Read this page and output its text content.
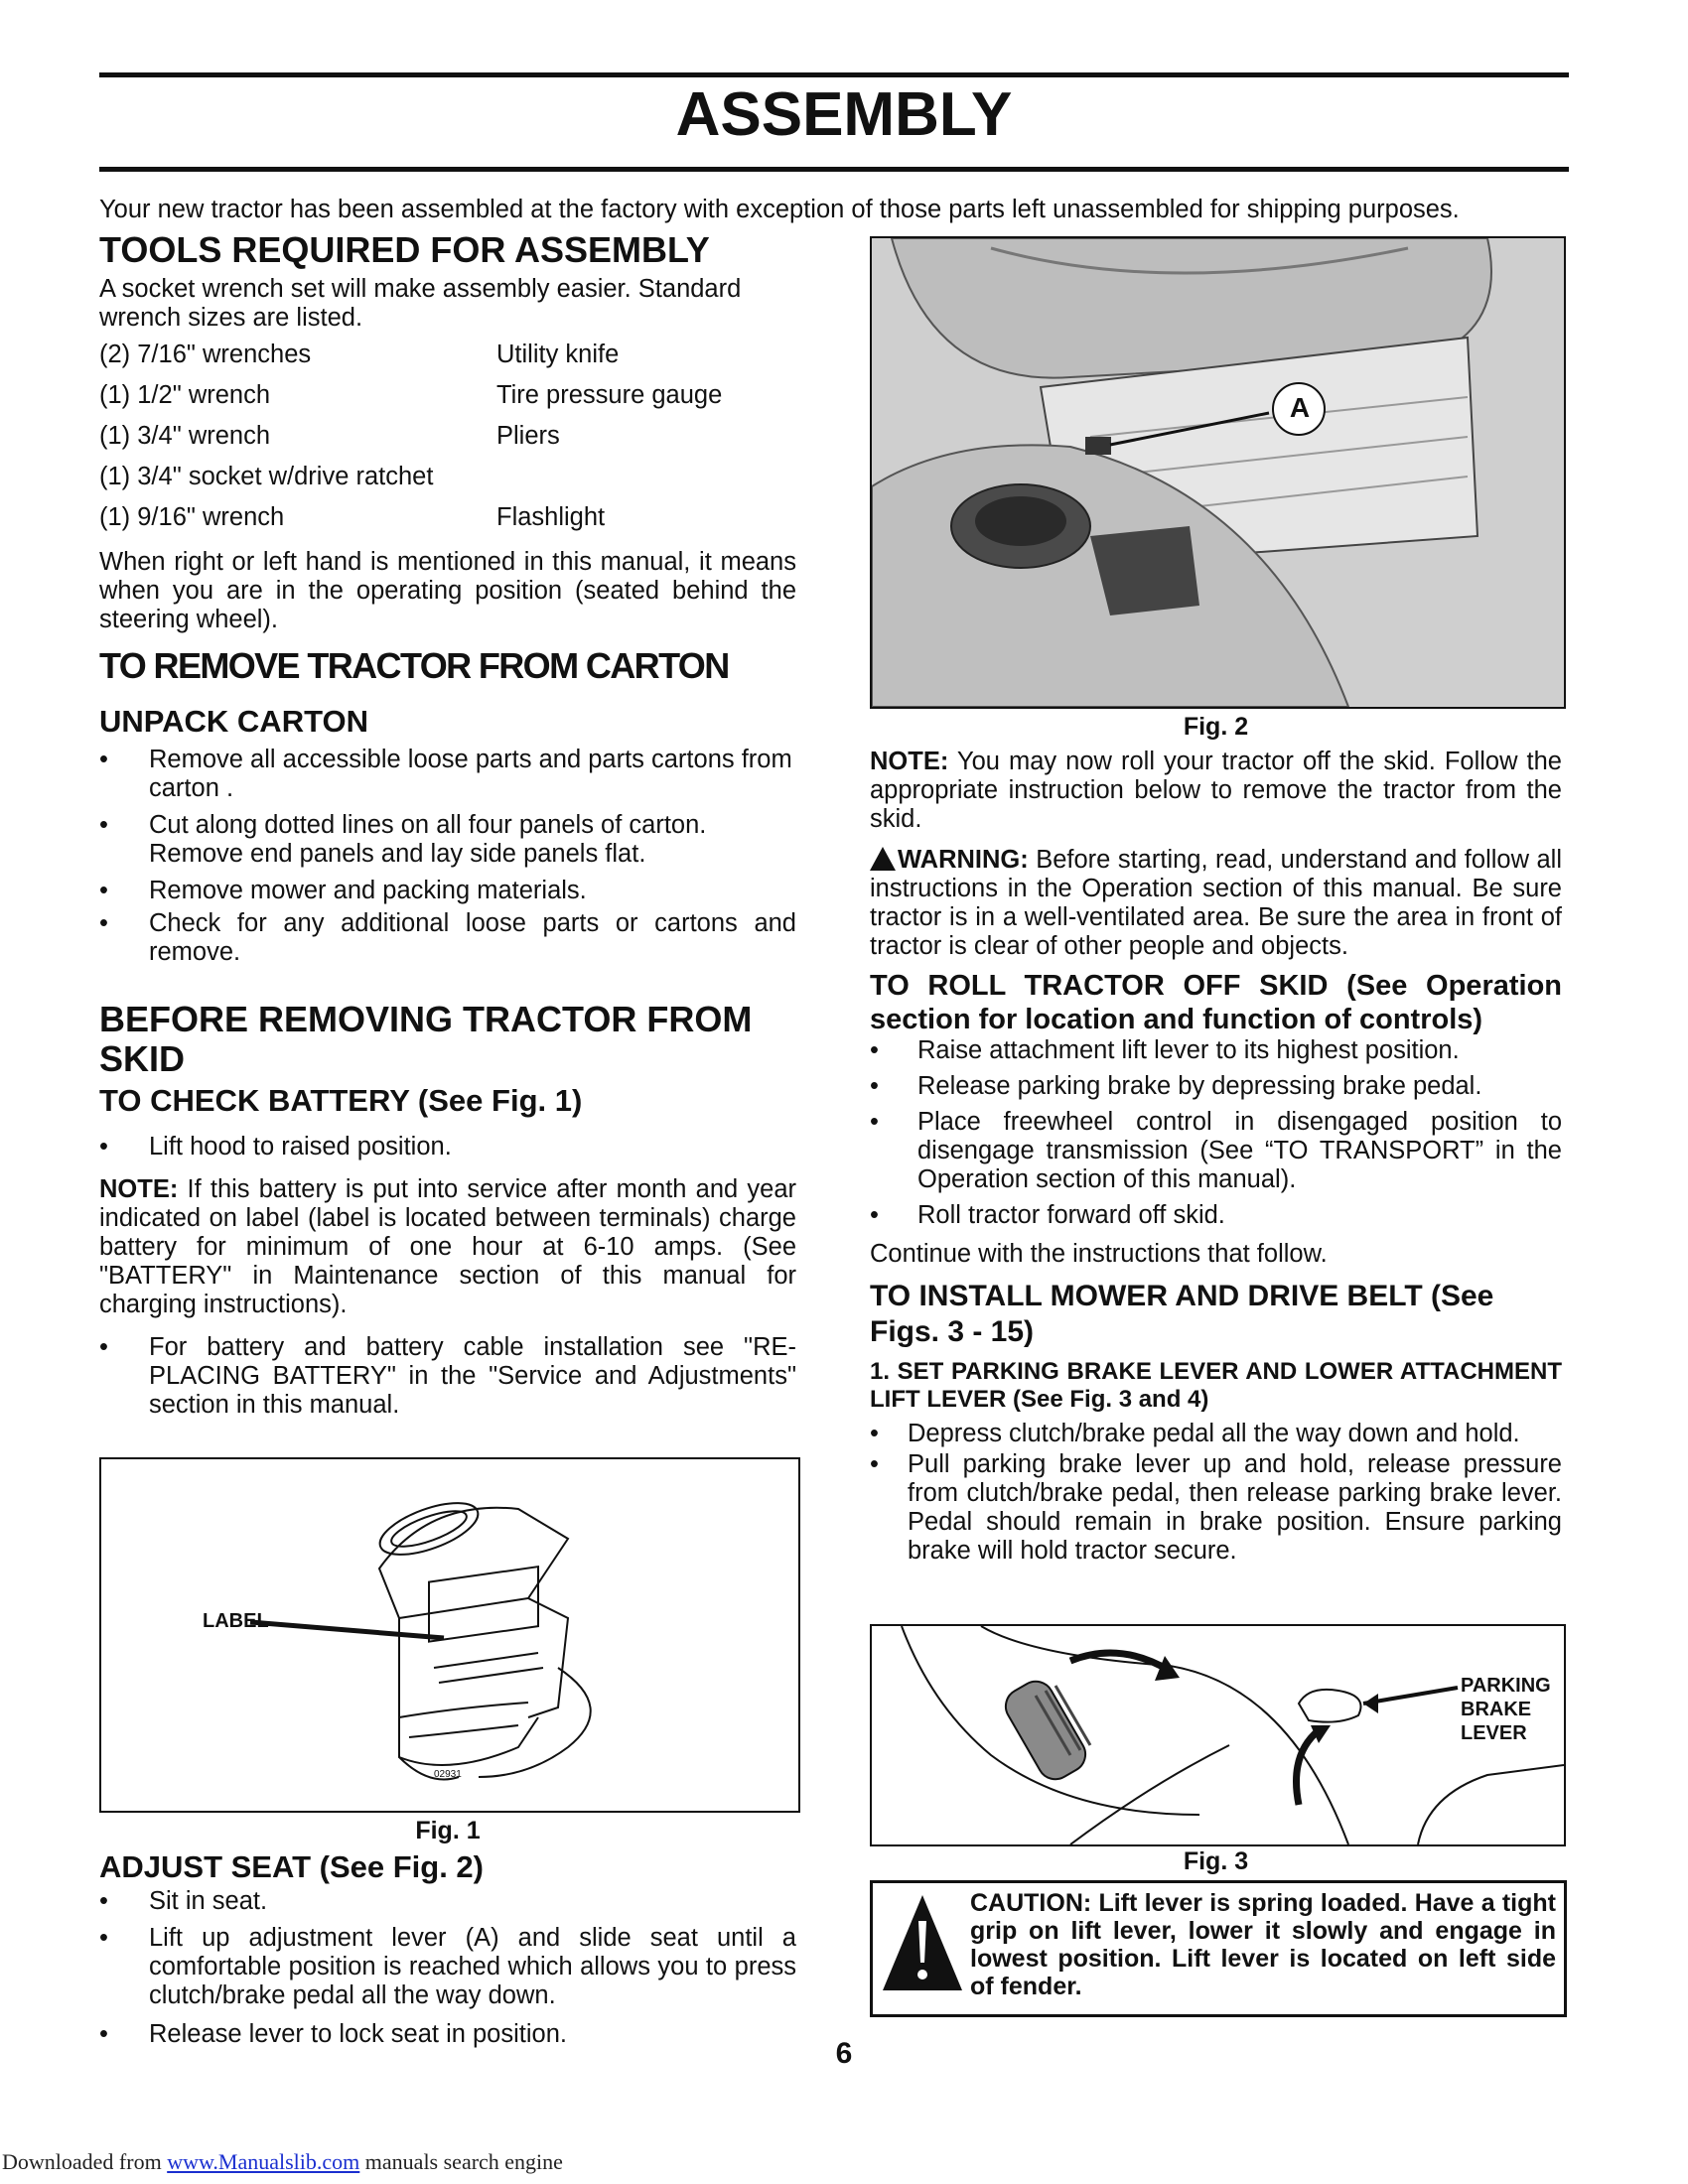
ASSEMBLY
Your new tractor has been assembled at the factory with exception of those parts left unassembled for shipping purposes.

TOOLS REQUIRED FOR ASSEMBLY

A socket wrench set will make assembly easier. Standard wrench sizes are listed.

(2) 7/16" wrenches	Utility knife
(1) 1/2" wrench	Tire pressure gauge
(1) 3/4" wrench	Pliers
(1) 3/4" socket w/drive ratchet
(1) 9/16" wrench	Flashlight

When right or left hand is mentioned in this manual, it means when you are in the operating position (seated behind the steering wheel).

TO REMOVE TRACTOR FROM CARTON

UNPACK CARTON

• Remove all accessible loose parts and parts cartons from carton .

• Cut along dotted lines on all four panels of carton. Remove end panels and lay side panels flat.

• Remove mower and packing materials.

• Check for any additional loose parts or cartons and remove.

BEFORE REMOVING TRACTOR FROM SKID

TO CHECK BATTERY (See Fig. 1)

• Lift hood to raised position.

NOTE: If this battery is put into service after month and year indicated on label (label is located between terminals) charge battery for minimum of one hour at 6-10 amps. (See "BATTERY" in Maintenance section of this manual for charging instructions).

• For battery and battery cable installation see "RE-PLACING BATTERY" in the "Service and Adjustments" section in this manual.

LABEL
02931
Fig. 1

ADJUST SEAT (See Fig. 2)

• Sit in seat.

• Lift up adjustment lever (A) and slide seat until a comfortable position is reached which allows you to press clutch/brake pedal all the way down.

• Release lever to lock seat in position.

A
Fig. 2

NOTE: You may now roll your tractor off the skid. Follow the appropriate instruction below to remove the tractor from the skid.

WARNING: Before starting, read, understand and follow all instructions in the Operation section of this manual. Be sure tractor is in a well-ventilated area. Be sure the area in front of tractor is clear of other people and objects.

TO ROLL TRACTOR OFF SKID (See Operation section for location and function of controls)

• Raise attachment lift lever to its highest position.

• Release parking brake by depressing brake pedal.

• Place freewheel control in disengaged position to disengage transmission (See “TO TRANSPORT” in the Operation section of this manual).

• Roll tractor forward off skid.

Continue with the instructions that follow.

TO INSTALL MOWER AND DRIVE BELT (See Figs. 3 - 15)

1. SET PARKING BRAKE LEVER AND LOWER ATTACHMENT LIFT LEVER (See Fig. 3 and 4)

• Depress clutch/brake pedal all the way down and hold.

• Pull parking brake lever up and hold, release pressure from clutch/brake pedal, then release parking brake lever. Pedal should remain in brake position. Ensure parking brake will hold tractor secure.

PARKING
BRAKE
LEVER
Fig. 3
CAUTION: Lift lever is spring loaded. Have a tight grip on lift lever, lower it slowly and engage in lowest position. Lift lever is located on left side of fender.
6
Downloaded from www.Manualslib.com manuals search engine
